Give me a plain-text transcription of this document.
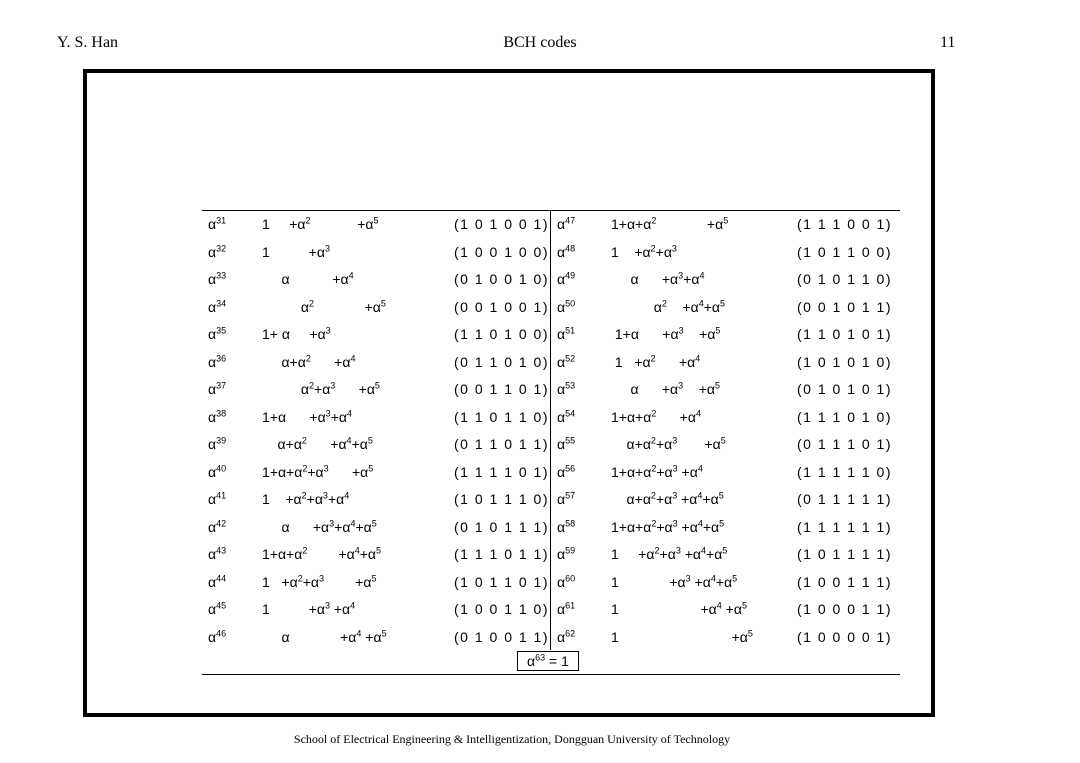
Y. S. Han	BCH codes	11
$\alpha^{31}$	1     $+\alpha^2$            $+\alpha^5$	(1 0 1 0 0 1)
$\alpha^{32}$	1          $+\alpha^3$	(1 0 0 1 0 0)
$\alpha^{33}$	α           $+\alpha^4$	(0 1 0 0 1 0)
$\alpha^{34}$	$\alpha^2$             $+\alpha^5$	(0 0 1 0 0 1)
$\alpha^{35}$	1+ α     $+\alpha^3$	(1 1 0 1 0 0)
$\alpha^{36}$	$\alpha+\alpha^2$      $+\alpha^4$	(0 1 1 0 1 0)
$\alpha^{37}$	$\alpha^2+\alpha^3$      $+\alpha^5$	(0 0 1 1 0 1)
$\alpha^{38}$	1+α      $+\alpha^3+\alpha^4$	(1 1 0 1 1 0)
$\alpha^{39}$	$\alpha+\alpha^2$      $+\alpha^4+\alpha^5$	(0 1 1 0 1 1)
$\alpha^{40}$	$1+\alpha+\alpha^2+\alpha^3$      $+\alpha^5$	(1 1 1 1 0 1)
$\alpha^{41}$	1    $+\alpha^2+\alpha^3+\alpha^4$	(1 0 1 1 1 0)
$\alpha^{42}$	α      $+\alpha^3+\alpha^4+\alpha^5$	(0 1 0 1 1 1)
$\alpha^{43}$	$1+\alpha+\alpha^2$        $+\alpha^4+\alpha^5$	(1 1 1 0 1 1)
$\alpha^{44}$	$1 +\alpha^2+\alpha^3$        $+\alpha^5$	(1 0 1 1 0 1)
$\alpha^{45}$	1          $+\alpha^3 +\alpha^4$	(1 0 0 1 1 0)
$\alpha^{46}$	α             $+\alpha^4 +\alpha^5$	(0 1 0 0 1 1)
$\alpha^{47}$	$1+\alpha+\alpha^2$             $+\alpha^5$	(1 1 1 0 0 1)
$\alpha^{48}$	1    $+\alpha^2+\alpha^3$	(1 0 1 1 0 0)
$\alpha^{49}$	α      $+\alpha^3+\alpha^4$	(0 1 0 1 1 0)
$\alpha^{50}$	$\alpha^2$    $+\alpha^4+\alpha^5$	(0 0 1 0 1 1)
$\alpha^{51}$	1+α      $+\alpha^3$    $+\alpha^5$	(1 1 0 1 0 1)
$\alpha^{52}$	$1 +\alpha^2$      $+\alpha^4$	(1 0 1 0 1 0)
$\alpha^{53}$	α      $+\alpha^3$    $+\alpha^5$	(0 1 0 1 0 1)
$\alpha^{54}$	$1+\alpha+\alpha^2$      $+\alpha^4$	(1 1 1 0 1 0)
$\alpha^{55}$	$\alpha+\alpha^2+\alpha^3$       $+\alpha^5$	(0 1 1 1 0 1)
$\alpha^{56}$	$1+\alpha+\alpha^2+\alpha^3 +\alpha^4$	(1 1 1 1 1 0)
$\alpha^{57}$	$\alpha+\alpha^2+\alpha^3 +\alpha^4+\alpha^5$	(0 1 1 1 1 1)
$\alpha^{58}$	$1+\alpha+\alpha^2+\alpha^3 +\alpha^4+\alpha^5$	(1 1 1 1 1 1)
$\alpha^{59}$	1     $+\alpha^2+\alpha^3 +\alpha^4+\alpha^5$	(1 0 1 1 1 1)
$\alpha^{60}$	1             $+\alpha^3 +\alpha^4+\alpha^5$	(1 0 0 1 1 1)
$\alpha^{61}$	1                     $+\alpha^4 +\alpha^5$	(1 0 0 0 1 1)
$\alpha^{62}$	1                             $+\alpha^5$	(1 0 0 0 0 1)
$\alpha^{63} = 1$
School of Electrical Engineering & Intelligentization, Dongguan University of Technology
